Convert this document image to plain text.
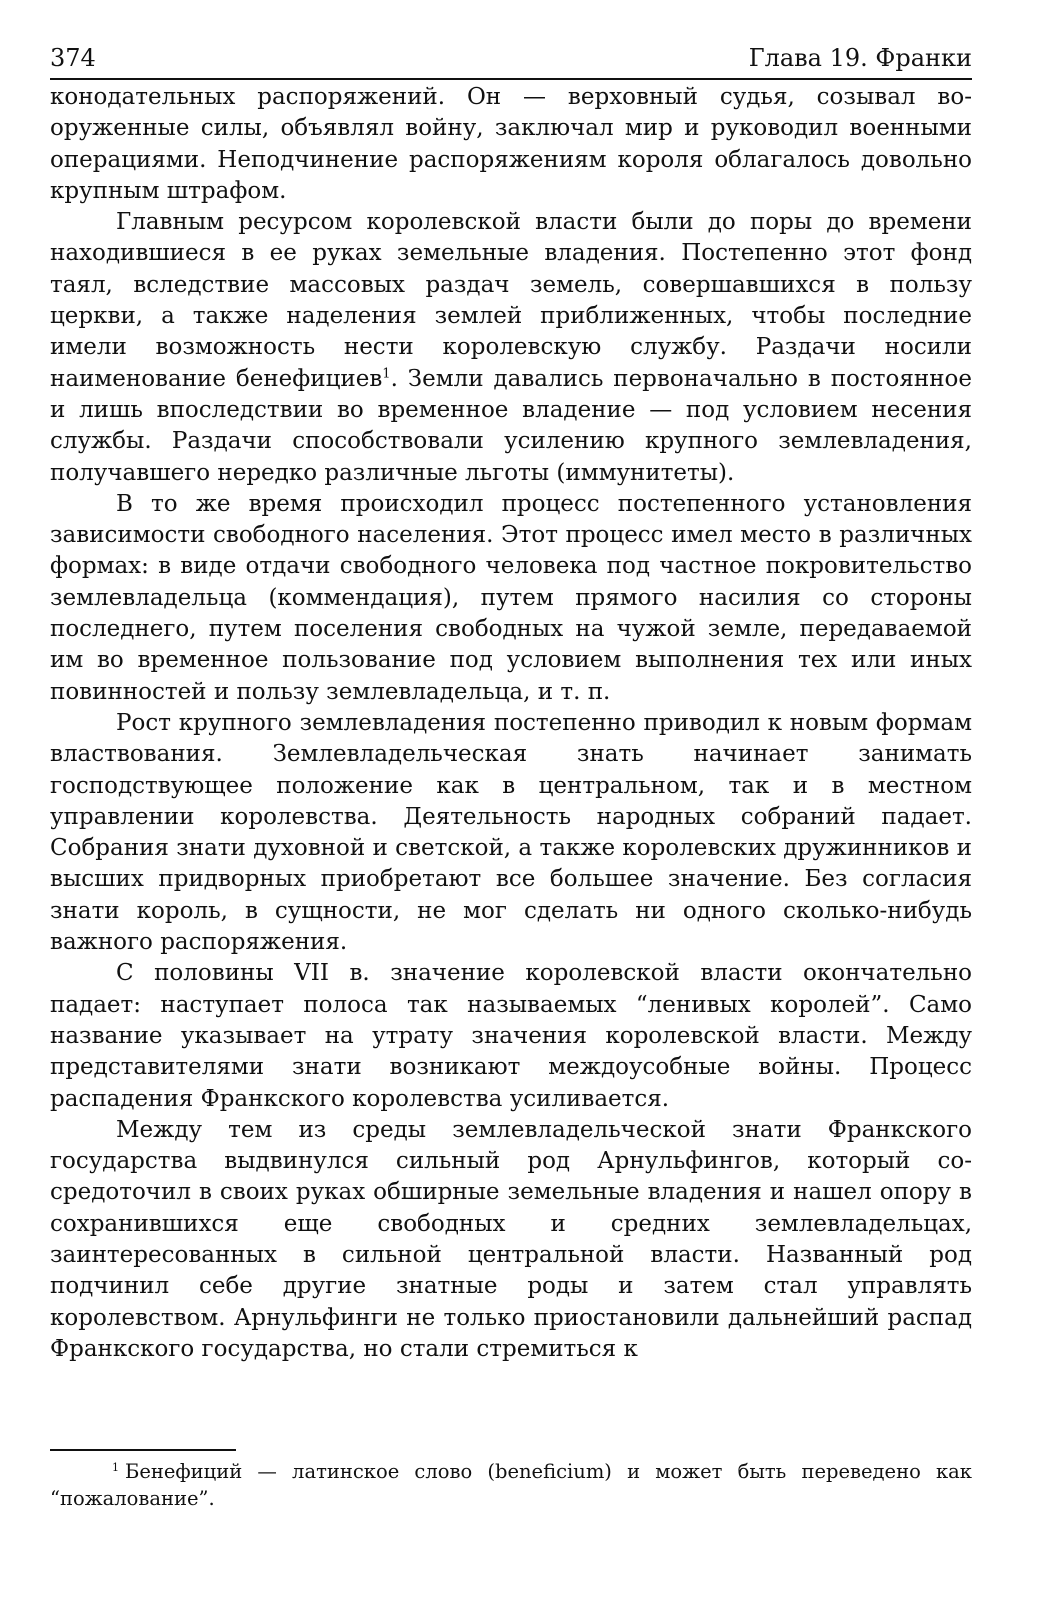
374	Глава 19. Франки

конодательных распоряжений. Он — верховный судья, созывал вооруженные силы, объявлял войну, заключал мир и руководил военными операциями. Неподчинение распоряжениям короля облагалось довольно крупным штрафом.

Главным ресурсом королевской власти были до поры до времени находившиеся в ее руках земельные владения. Постепенно этот фонд таял, вследствие массовых раздач земель, совершавшихся в пользу церкви, а также наделения землей приближенных, чтобы последние имели возможность нести королевскую службу. Раздачи носили наименование бенефициев$^1$. Земли давались первоначально в постоянное и лишь впоследствии во временное владение — под условием несения службы. Раздачи способствовали усилению крупного землевладения, получавшего нередко различные льготы (иммунитеты).

В то же время происходил процесс постепенного установления зависимости свободного населения. Этот процесс имел место в различных формах: в виде отдачи свободного человека под частное покровительство землевладельца (коммендация), путем прямого насилия со стороны последнего, путем поселения свободных на чужой земле, передаваемой им во временное пользование под условием выполнения тех или иных повинностей и пользу землевладельца, и т. п.

Рост крупного землевладения постепенно приводил к новым формам властвования. Землевладельческая знать начинает занимать господствующее положение как в центральном, так и в местном управлении королевства. Деятельность народных собраний падает. Собрания знати духовной и светской, а также королевских дружинников и высших придворных приобретают все большее значение. Без согласия знати король, в сущности, не мог сделать ни одного сколько-нибудь важного распоряжения.

С половины VII в. значение королевской власти окончательно падает: наступает полоса так называемых “ленивых королей”. Само название указывает на утрату значения королевской власти. Между представителями знати возникают междоусобные войны. Процесс распадения Франкского королевства усиливается.

Между тем из среды землевладельческой знати Франкского государства выдвинулся сильный род Арнульфингов, который сосредоточил в своих руках обширные земельные владения и нашел опору в сохранившихся еще свободных и средних землевладельцах, заинтересованных в сильной центральной власти. Названный род подчинил себе другие знатные роды и затем стал управлять королевством. Арнульфинги не только приостановили дальнейший распад Франкского государства, но стали стремиться к

$^1$ Бенефиций — латинское слово (beneficium) и может быть переведено как “пожалование”.
